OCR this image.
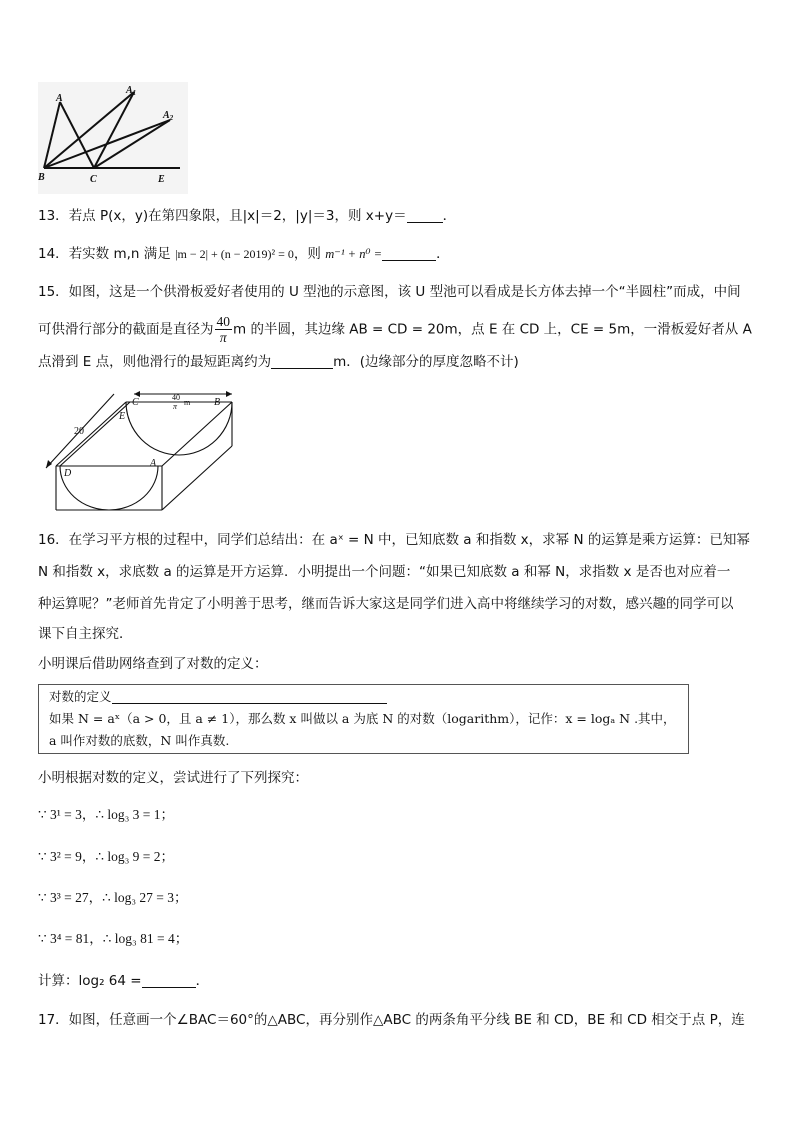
A
$A_1$
$A_2$
B	C	E
13．若点 P(x，y)在第四象限，且|x|＝2，|y|＝3，则 x+y＝	．
14．若实数 m,n 满足 |m − 2| + (n − 2019)² = 0，则 m⁻¹ + n⁰ =	．
15．如图，这是一个供滑板爱好者使用的 U 型池的示意图，该 U 型池可以看成是长方体去掉一个“半圆柱”而成，中间
可供滑行部分的截面是直径为 $\frac{40}{\pi}$ m 的半圆，其边缘 AB = CD = 20m，点 E 在 CD 上，CE = 5m，一滑板爱好者从 A
点滑到 E 点，则他滑行的最短距离约为	m．(边缘部分的厚度忽略不计)
C
E
B
D
A
20
40
π m
16．在学习平方根的过程中，同学们总结出：在 aˣ = N 中，已知底数 a 和指数 x，求幂 N 的运算是乘方运算：已知幂
N 和指数 x，求底数 a 的运算是开方运算．小明提出一个问题：“如果已知底数 a 和幂 N，求指数 x 是否也对应着一
种运算呢？”老师首先肯定了小明善于思考，继而告诉大家这是同学们进入高中将继续学习的对数，感兴趣的同学可以
课下自主探究．
小明课后借助网络查到了对数的定义：
对数的定义
如果 N = aˣ（a > 0，且 a ≠ 1），那么数 x 叫做以 a 为底 N 的对数（logarithm），记作：x = logₐ N .其中，
a 叫作对数的底数，N 叫作真数.
小明根据对数的定义，尝试进行了下列探究：
∵ 3¹ = 3，∴ log₃ 3 = 1；
∵ 3² = 9，∴ log₃ 9 = 2；
∵ 3³ = 27，∴ log₃ 27 = 3；
∵ 3⁴ = 81，∴ log₃ 81 = 4；
计算：log₂ 64 =	．
17．如图，任意画一个∠BAC＝60°的△ABC，再分别作△ABC 的两条角平分线 BE 和 CD，BE 和 CD 相交于点 P，连
